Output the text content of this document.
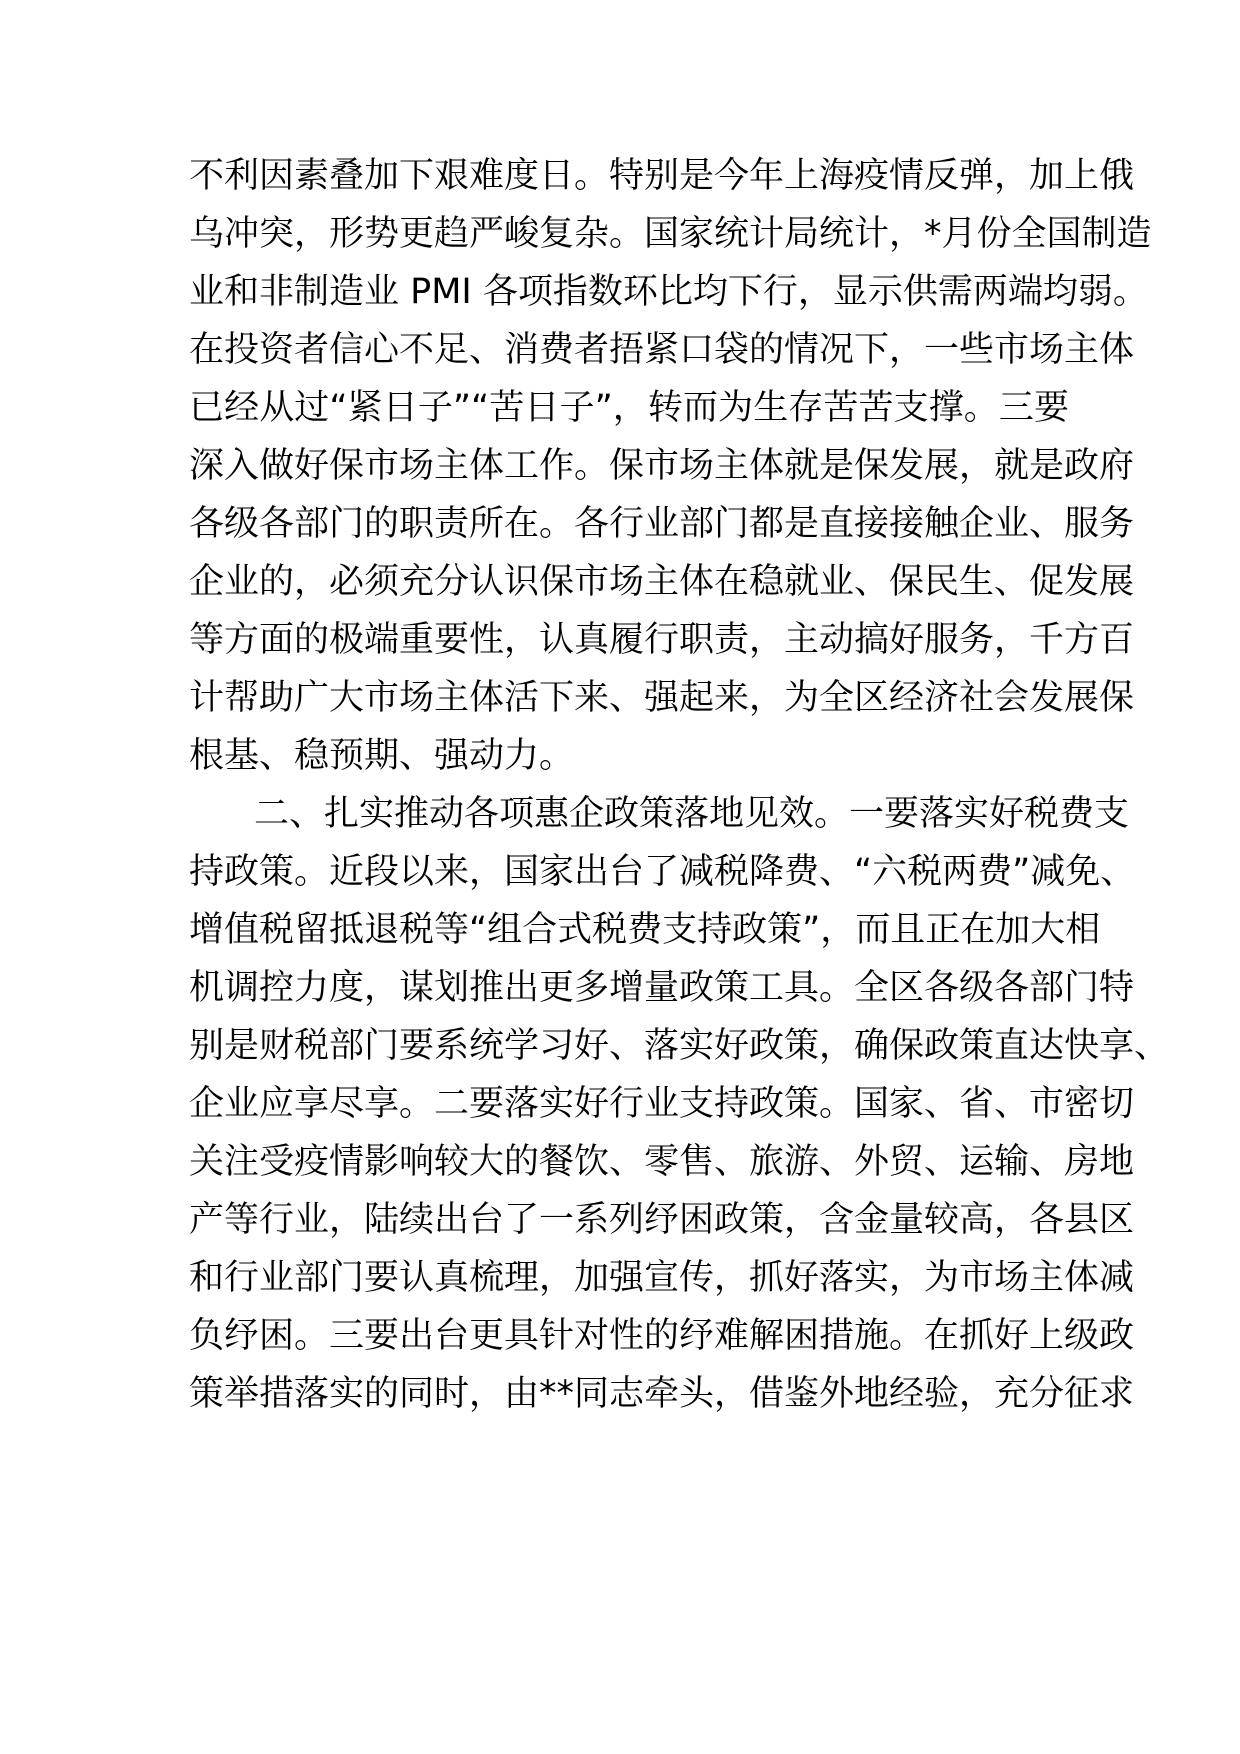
不利因素叠加下艰难度日。特别是今年上海疫情反弹，加上俄
乌冲突，形势更趋严峻复杂。国家统计局统计，*月份全国制造
业和非制造业 PMI 各项指数环比均下行，显示供需两端均弱。
在投资者信心不足、消费者捂紧口袋的情况下，一些市场主体
已经从过“紧日子”“苦日子”，转而为生存苦苦支撑。三要
深入做好保市场主体工作。保市场主体就是保发展，就是政府
各级各部门的职责所在。各行业部门都是直接接触企业、服务
企业的，必须充分认识保市场主体在稳就业、保民生、促发展
等方面的极端重要性，认真履行职责，主动搞好服务，千方百
计帮助广大市场主体活下来、强起来，为全区经济社会发展保
根基、稳预期、强动力。
二、扎实推动各项惠企政策落地见效。一要落实好税费支
持政策。近段以来，国家出台了减税降费、“六税两费”减免、
增值税留抵退税等“组合式税费支持政策”，而且正在加大相
机调控力度，谋划推出更多增量政策工具。全区各级各部门特
别是财税部门要系统学习好、落实好政策，确保政策直达快享、
企业应享尽享。二要落实好行业支持政策。国家、省、市密切
关注受疫情影响较大的餐饮、零售、旅游、外贸、运输、房地
产等行业，陆续出台了一系列纾困政策，含金量较高，各县区
和行业部门要认真梳理，加强宣传，抓好落实，为市场主体减
负纾困。三要出台更具针对性的纾难解困措施。在抓好上级政
策举措落实的同时，由**同志牵头，借鉴外地经验，充分征求
